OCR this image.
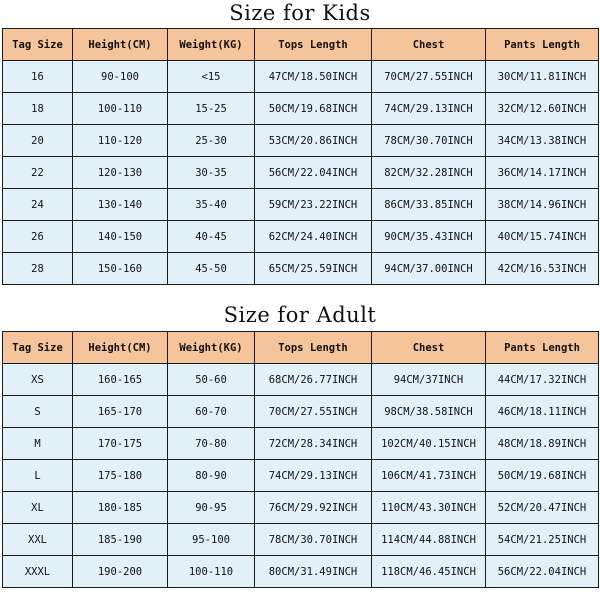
Size for Kids
Tag Size	Height(CM)	Weight(KG)	Tops Length	Chest	Pants Length
16	90-100	<15	47CM/18.50INCH	70CM/27.55INCH	30CM/11.81INCH
18	100-110	15-25	50CM/19.68INCH	74CM/29.13INCH	32CM/12.60INCH
20	110-120	25-30	53CM/20.86INCH	78CM/30.70INCH	34CM/13.38INCH
22	120-130	30-35	56CM/22.04INCH	82CM/32.28INCH	36CM/14.17INCH
24	130-140	35-40	59CM/23.22INCH	86CM/33.85INCH	38CM/14.96INCH
26	140-150	40-45	62CM/24.40INCH	90CM/35.43INCH	40CM/15.74INCH
28	150-160	45-50	65CM/25.59INCH	94CM/37.00INCH	42CM/16.53INCH
Size for Adult
Tag Size	Height(CM)	Weight(KG)	Tops Length	Chest	Pants Length
XS	160-165	50-60	68CM/26.77INCH	94CM/37INCH	44CM/17.32INCH
S	165-170	60-70	70CM/27.55INCH	98CM/38.58INCH	46CM/18.11INCH
M	170-175	70-80	72CM/28.34INCH	102CM/40.15INCH	48CM/18.89INCH
L	175-180	80-90	74CM/29.13INCH	106CM/41.73INCH	50CM/19.68INCH
XL	180-185	90-95	76CM/29.92INCH	110CM/43.30INCH	52CM/20.47INCH
XXL	185-190	95-100	78CM/30.70INCH	114CM/44.88INCH	54CM/21.25INCH
XXXL	190-200	100-110	80CM/31.49INCH	118CM/46.45INCH	56CM/22.04INCH
